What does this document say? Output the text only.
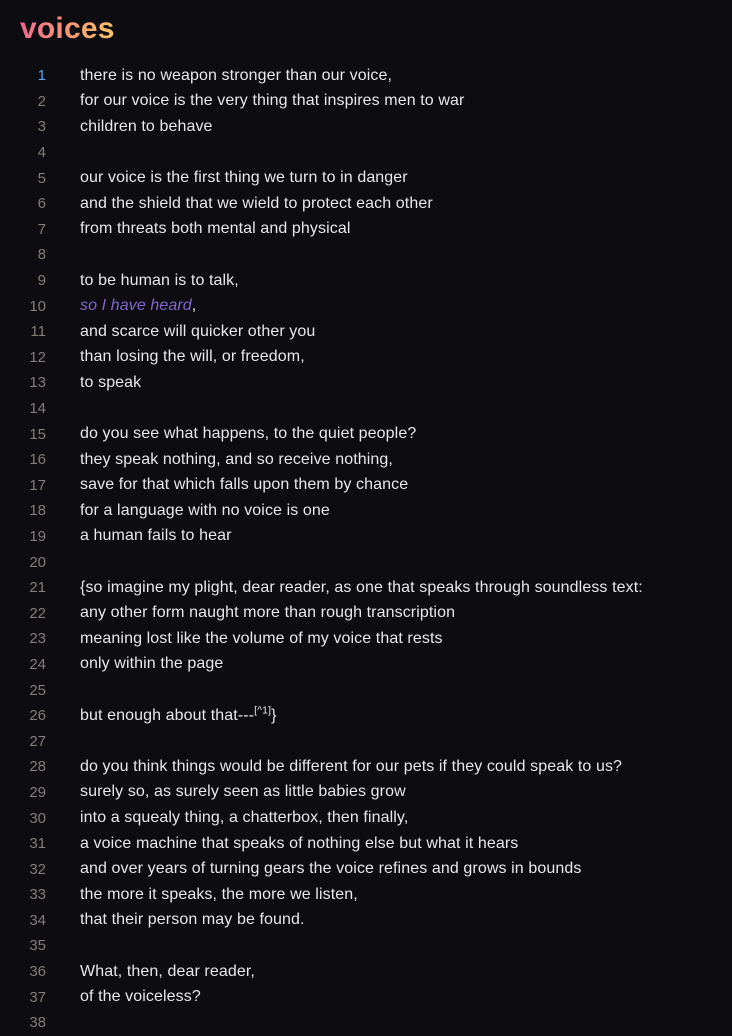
voices
1	there is no weapon stronger than our voice,
2	for our voice is the very thing that inspires men to war
3	children to behave
4
5	our voice is the first thing we turn to in danger
6	and the shield that we wield to protect each other
7	from threats both mental and physical
8
9	to be human is to talk,
10	so I have heard,
11	and scarce will quicker other you
12	than losing the will, or freedom,
13	to speak
14
15	do you see what happens, to the quiet people?
16	they speak nothing, and so receive nothing,
17	save for that which falls upon them by chance
18	for a language with no voice is one
19	a human fails to hear
20
21	{so imagine my plight, dear reader, as one that speaks through soundless text:
22	any other form naught more than rough transcription
23	meaning lost like the volume of my voice that rests
24	only within the page
25
26	but enough about that---[^1]}
27
28	do you think things would be different for our pets if they could speak to us?
29	surely so, as surely seen as little babies grow
30	into a squealy thing, a chatterbox, then finally,
31	a voice machine that speaks of nothing else but what it hears
32	and over years of turning gears the voice refines and grows in bounds
33	the more it speaks, the more we listen,
34	that their person may be found.
35
36	What, then, dear reader,
37	of the voiceless?
38
